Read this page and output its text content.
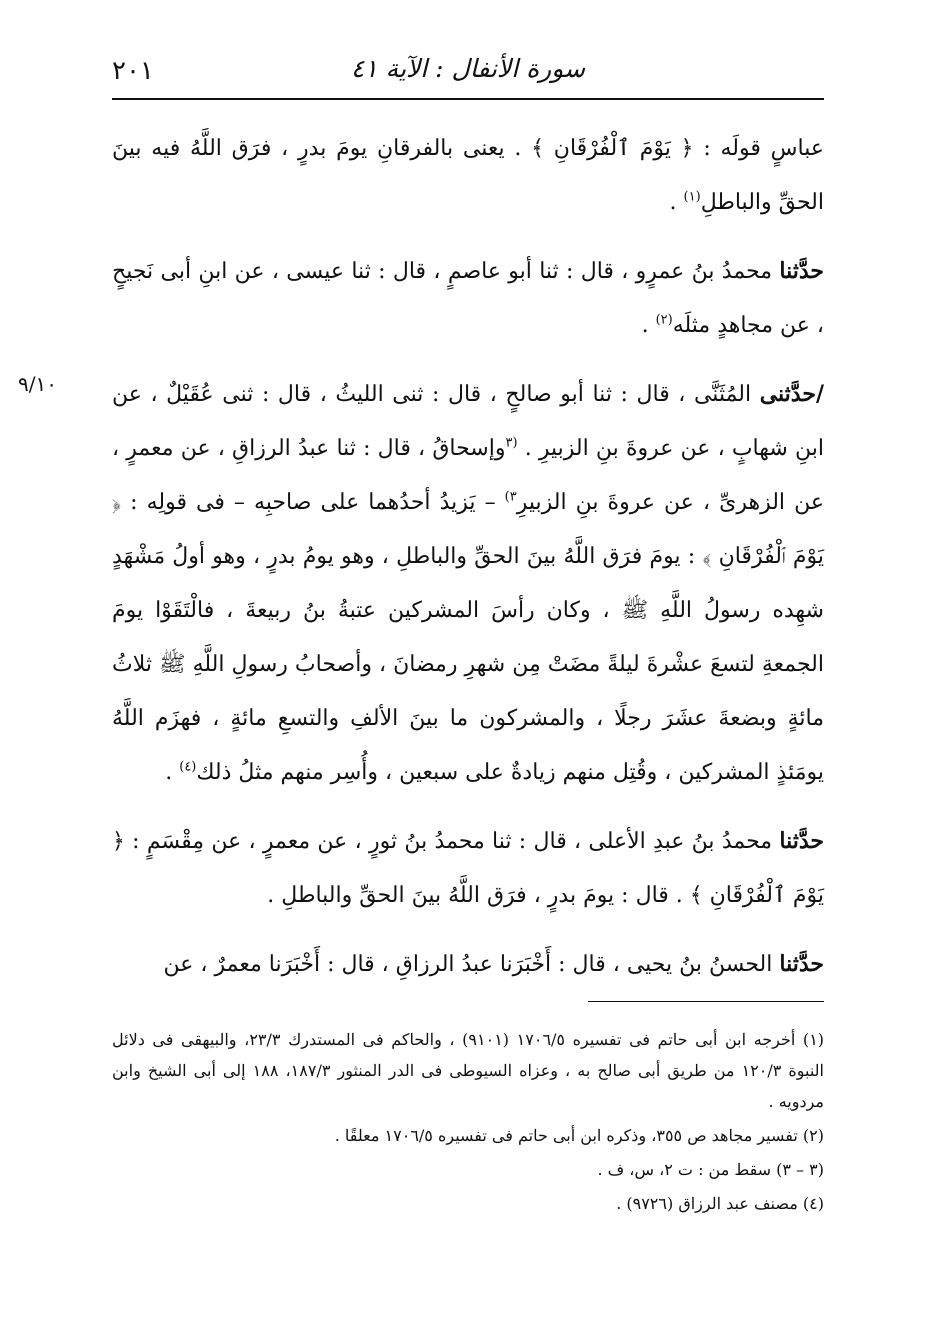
٢٠١	سورة الأنفال : الآية ٤١
٩/١٠

عباسٍ قولَه : ﴿ يَوْمَ ٱلْفُرْقَانِ ﴾ . يعنى بالفرقانِ يومَ بدرٍ ، فرَق اللَّهُ فيه بينَ الحقِّ والباطلِ$^{(١)}$ .

حدَّثنا محمدُ بنُ عمرٍو ، قال : ثنا أبو عاصمٍ ، قال : ثنا عيسى ، عن ابنِ أبى نَجيحٍ ، عن مجاهدٍ مثلَه$^{(٢)}$ .

/حدَّثنى المُثَنَّى ، قال : ثنا أبو صالحٍ ، قال : ثنى الليثُ ، قال : ثنى عُقَيْلٌ ، عن ابنِ شهابٍ ، عن عروةَ بنِ الزبيرِ . $^{(٣}$وإسحاقُ ، قال : ثنا عبدُ الرزاقِ ، عن معمرٍ ، عن الزهرىِّ ، عن عروةَ بنِ الزبيرِ$^{٣)}$ – يَزيدُ أحدُهما على صاحبِه – فى قولِه : ﴿ يَوْمَ ٱلْفُرْقَانِ ﴾ : يومَ فرَق اللَّهُ بينَ الحقِّ والباطلِ ، وهو يومُ بدرٍ ، وهو أولُ مَشْهَدٍ شهِده رسولُ اللَّهِ ﷺ ، وكان رأسَ المشركين عتبةُ بنُ ربيعةَ ، فالْتَقَوْا يومَ الجمعةِ لتسعَ عشْرةَ ليلةً مضَتْ مِن شهرِ رمضانَ ، وأصحابُ رسولِ اللَّهِ ﷺ ثلاثُ مائةٍ وبضعةَ عشَرَ رجلًا ، والمشركون ما بينَ الألفِ والتسعِ مائةٍ ، فهزَم اللَّهُ يومَئذٍ المشركين ، وقُتِل منهم زيادةٌ على سبعين ، وأُسِر منهم مثلُ ذلك$^{(٤)}$ .

حدَّثنا محمدُ بنُ عبدِ الأعلى ، قال : ثنا محمدُ بنُ ثورٍ ، عن معمرٍ ، عن مِقْسَمٍ : ﴿ يَوْمَ ٱلْفُرْقَانِ ﴾ . قال : يومَ بدرٍ ، فرَق اللَّهُ بينَ الحقِّ والباطلِ .

حدَّثنا الحسنُ بنُ يحيى ، قال : أَخْبَرَنا عبدُ الرزاقِ ، قال : أَخْبَرَنا معمرٌ ، عن

(١) أخرجه ابن أبى حاتم فى تفسيره ١٧٠٦/٥ (٩١٠١) ، والحاكم فى المستدرك ٢٣/٣، والبيهقى فى دلائل النبوة ١٢٠/٣ من طريق أبى صالح به ، وعزاه السيوطى فى الدر المنثور ١٨٧/٣، ١٨٨ إلى أبى الشيخ وابن مردويه .

(٢) تفسير مجاهد ص ٣٥٥، وذكره ابن أبى حاتم فى تفسيره ١٧٠٦/٥ معلقًا .

(٣ – ٣) سقط من : ت ٢، س، ف .

(٤) مصنف عبد الرزاق (٩٧٢٦) .
